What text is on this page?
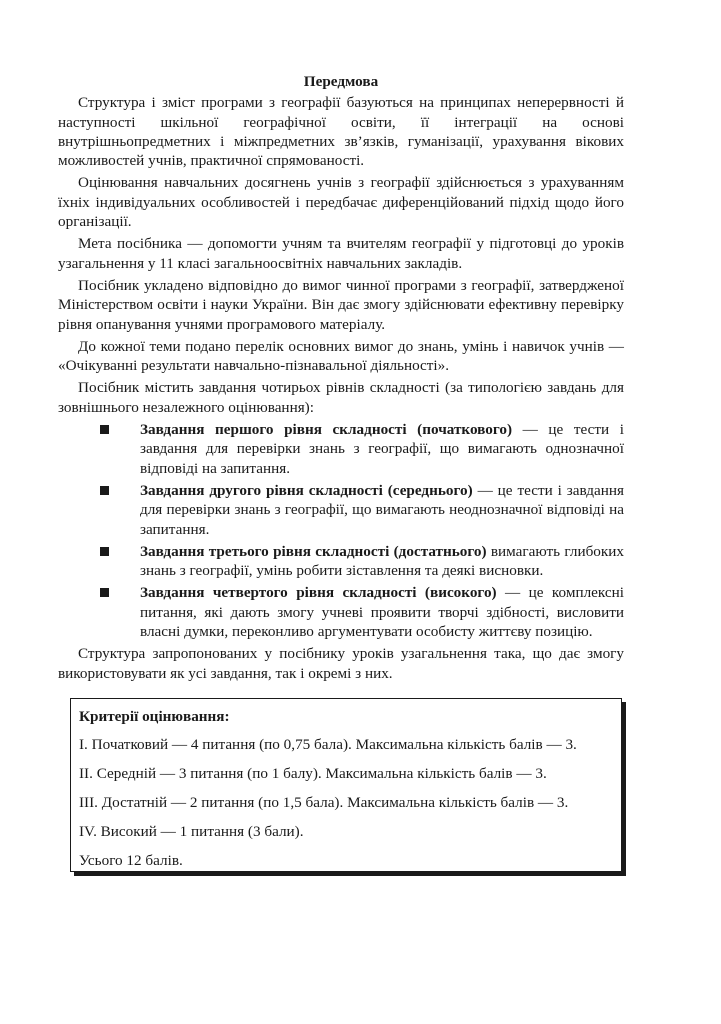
Передмова

Структура і зміст програми з географії базуються на принципах неперервності й наступності шкільної географічної освіти, її інтеграції на основі внутрішньопредметних і міжпредметних зв’язків, гуманізації, урахування вікових можливостей учнів, практичної спрямованості.

Оцінювання навчальних досягнень учнів з географії здійснюється з урахуванням їхніх індивідуальних особливостей і передбачає диференційований підхід щодо його організації.

Мета посібника — допомогти учням та вчителям географії у підготовці до уроків узагальнення у 11 класі загальноосвітніх навчальних закладів.

Посібник укладено відповідно до вимог чинної програми з географії, затвердженої Міністерством освіти і науки України. Він дає змогу здійснювати ефективну перевірку рівня опанування учнями програмового матеріалу.

До кожної теми подано перелік основних вимог до знань, умінь і навичок учнів — «Очікуванні результати навчально-пізнавальної діяльності».

Посібник містить завдання чотирьох рівнів складності (за типологією завдань для зовнішнього незалежного оцінювання):

Завдання першого рівня складності (початкового) — це тести і завдання для перевірки знань з географії, що вимагають однозначної відповіді на запитання.
Завдання другого рівня складності (середнього) — це тести і завдання для перевірки знань з географії, що вимагають неоднозначної відповіді на запитання.
Завдання третього рівня складності (достатнього) вимагають глибоких знань з географії, умінь робити зіставлення та деякі висновки.
Завдання четвертого рівня складності (високого) — це комплексні питання, які дають змогу учневі проявити творчі здібності, висловити власні думки, переконливо аргументувати особисту життєву позицію.

Структура запропонованих у посібнику уроків узагальнення така, що дає змогу використовувати як усі завдання, так і окремі з них.

Критерії оцінювання:
I. Початковий — 4 питання (по 0,75 бала). Максимальна кількість балів — 3.
II. Середній — 3 питання (по 1 балу). Максимальна кількість балів — 3.
III. Достатній — 2 питання (по 1,5 бала). Максимальна кількість балів — 3.
IV. Високий — 1 питання (3 бали).
Усього 12 балів.
